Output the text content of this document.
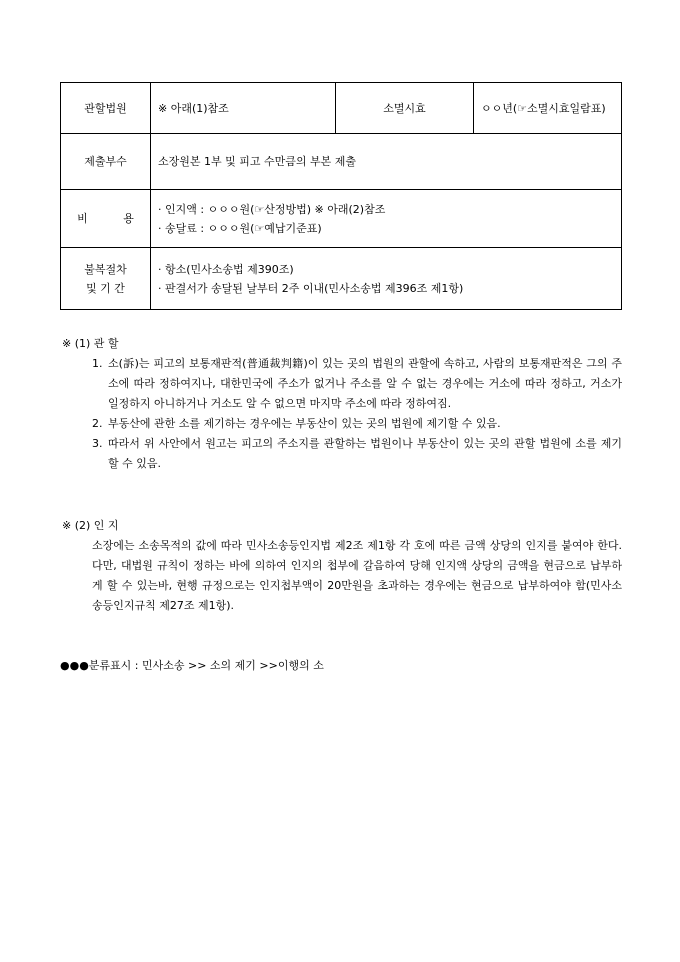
관할법원	※ 아래(1)참조	소멸시효	ㅇㅇ년(☞소멸시효일람표)
제출부수	소장원본 1부 및 피고 수만큼의 부본 제출		
비 용	· 인지액 : ㅇㅇㅇ원(☞산정방법) ※ 아래(2)참조
· 송달료 : ㅇㅇㅇ원(☞예납기준표)		

불복절차
및 기 간	· 항소(민사소송법 제390조)
· 판결서가 송달된 날부터 2주 이내(민사소송법 제396조 제1항)		

※ (1) 관 할

1. 소(訴)는 피고의 보통재판적(普通裁判籍)이 있는 곳의 법원의 관할에 속하고, 사람의 보통재판적은 그의 주소에 따라 정하여지나, 대한민국에 주소가 없거나 주소를 알 수 없는 경우에는 거소에 따라 정하고, 거소가 일정하지 아니하거나 거소도 알 수 없으면 마지막 주소에 따라 정하여짐.
2. 부동산에 관한 소를 제기하는 경우에는 부동산이 있는 곳의 법원에 제기할 수 있음.
3. 따라서 위 사안에서 원고는 피고의 주소지를 관할하는 법원이나 부동산이 있는 곳의 관할 법원에 소를 제기할 수 있음.

※ (2) 인 지

소장에는 소송목적의 값에 따라 민사소송등인지법 제2조 제1항 각 호에 따른 금액 상당의 인지를 붙여야 한다. 다만, 대법원 규칙이 정하는 바에 의하여 인지의 첩부에 갈음하여 당해 인지액 상당의 금액을 현금으로 납부하게 할 수 있는바, 현행 규정으로는 인지첩부액이 20만원을 초과하는 경우에는 현금으로 납부하여야 함(민사소송등인지규칙 제27조 제1항).

●●●분류표시 : 민사소송 >> 소의 제기 >>이행의 소
